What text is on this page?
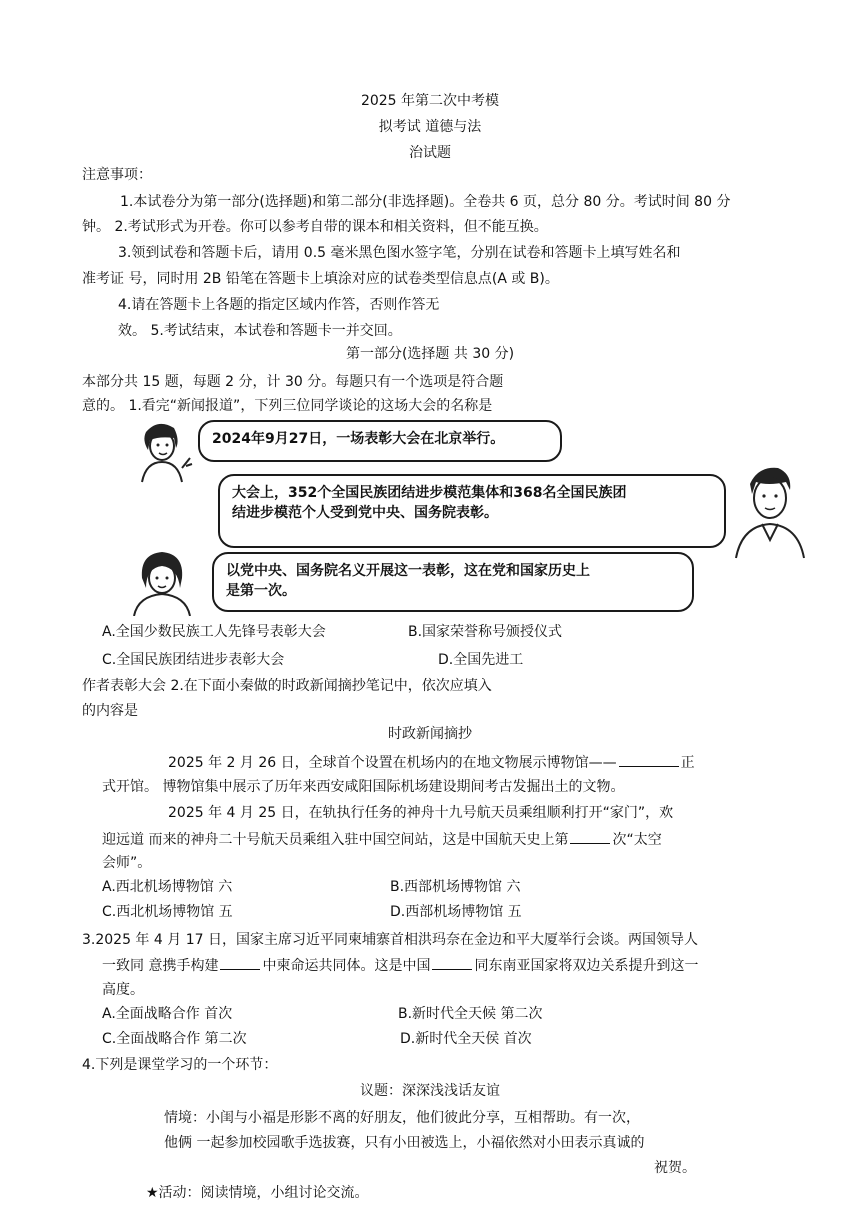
2025 年第二次中考模
拟考试 道德与法
治试题
注意事项：
1.本试卷分为第一部分(选择题)和第二部分(非选择题)。全卷共 6 页，总分 80 分。考试时间 80 分
钟。 2.考试形式为开卷。你可以参考自带的课本和相关资料，但不能互换。
3.领到试卷和答题卡后，请用 0.5 毫米黑色图水签字笔，分别在试卷和答题卡上填写姓名和
准考证 号，同时用 2B 铅笔在答题卡上填涂对应的试卷类型信息点(A 或 B)。
4.请在答题卡上各题的指定区域内作答，否则作答无
效。 5.考试结束，本试卷和答题卡一并交回。
第一部分(选择题 共 30 分)
本部分共 15 题，每题 2 分，计 30 分。每题只有一个选项是符合题
意的。 1.看完“新闻报道”，下列三位同学谈论的这场大会的名称是
2024年9月27日，一场表彰大会在北京举行。
大会上，352个全国民族团结进步模范集体和368名全国民族团
结进步模范个人受到党中央、国务院表彰。
以党中央、国务院名义开展这一表彰，这在党和国家历史上
是第一次。
A.全国少数民族工人先锋号表彰大会	B.国家荣誉称号颁授仪式
C.全国民族团结进步表彰大会	D.全国先进工
作者表彰大会 2.在下面小秦做的时政新闻摘抄笔记中，依次应填入
的内容是
时政新闻摘抄
2025 年 2 月 26 日，全球首个设置在机场内的在地文物展示博物馆——	正
式开馆。 博物馆集中展示了历年来西安咸阳国际机场建设期间考古发掘出土的文物。
2025 年 4 月 25 日，在轨执行任务的神舟十九号航天员乘组顺利打开“家门”，欢
迎远道 而来的神舟二十号航天员乘组入驻中国空间站，这是中国航天史上第	次“太空
会师”。
A.西北机场博物馆 六	B.西部机场博物馆 六
C.西北机场博物馆 五	D.西部机场博物馆 五
3.2025 年 4 月 17 日，国家主席习近平同柬埔寨首相洪玛奈在金边和平大厦举行会谈。两国领导人
一致同 意携手构建	中柬命运共同体。这是中国	同东南亚国家将双边关系提升到这一
高度。
A.全面战略合作 首次	B.新时代全天候 第二次
C.全面战略合作 第二次	D.新时代全天侯 首次
4.下列是课堂学习的一个环节：
议题：深深浅浅话友谊
情境：小闺与小福是形影不离的好朋友，他们彼此分享，互相帮助。有一次，
他俩 一起参加校园歌手选拔赛，只有小田被选上，小福依然对小田表示真诚的
祝贺。
★活动：阅读情境，小组讨论交流。
